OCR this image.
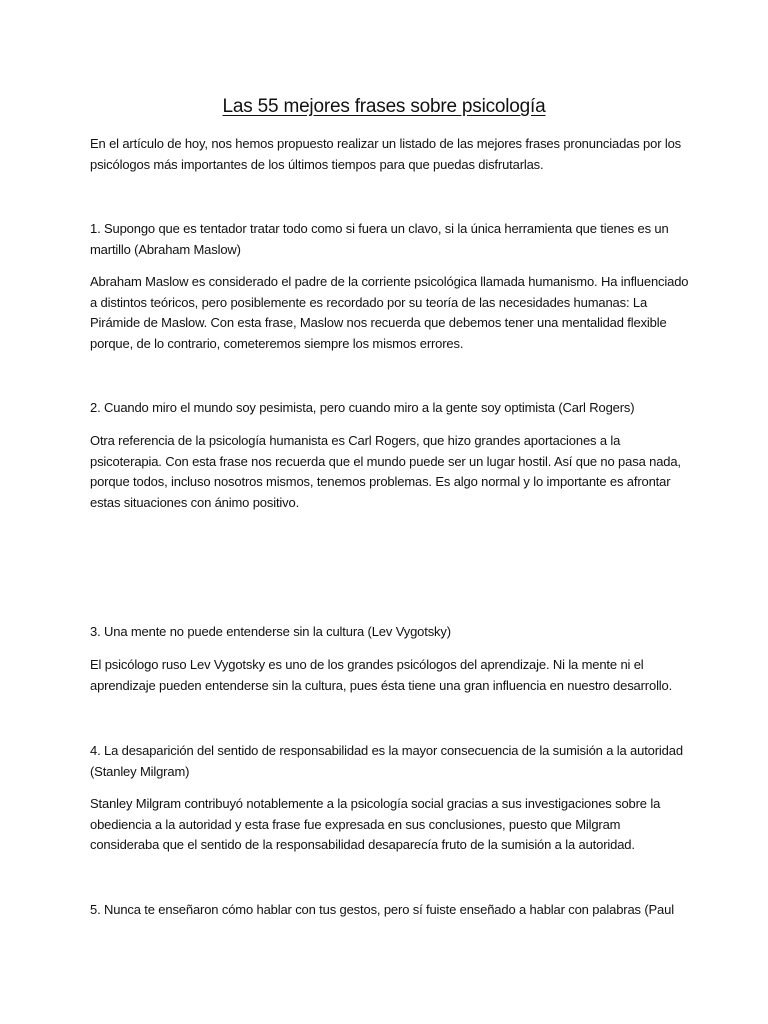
Las 55 mejores frases sobre psicología

En el artículo de hoy, nos hemos propuesto realizar un listado de las mejores frases pronunciadas por los psicólogos más importantes de los últimos tiempos para que puedas disfrutarlas.

1. Supongo que es tentador tratar todo como si fuera un clavo, si la única herramienta que tienes es un martillo (Abraham Maslow)

Abraham Maslow es considerado el padre de la corriente psicológica llamada humanismo. Ha influenciado a distintos teóricos, pero posiblemente es recordado por su teoría de las necesidades humanas: La Pirámide de Maslow. Con esta frase, Maslow nos recuerda que debemos tener una mentalidad flexible porque, de lo contrario, cometeremos siempre los mismos errores.

2. Cuando miro el mundo soy pesimista, pero cuando miro a la gente soy optimista (Carl Rogers)

Otra referencia de la psicología humanista es Carl Rogers, que hizo grandes aportaciones a la psicoterapia. Con esta frase nos recuerda que el mundo puede ser un lugar hostil. Así que no pasa nada, porque todos, incluso nosotros mismos, tenemos problemas. Es algo normal y lo importante es afrontar estas situaciones con ánimo positivo.

3. Una mente no puede entenderse sin la cultura (Lev Vygotsky)

El psicólogo ruso Lev Vygotsky es uno de los grandes psicólogos del aprendizaje. Ni la mente ni el aprendizaje pueden entenderse sin la cultura, pues ésta tiene una gran influencia en nuestro desarrollo.

4. La desaparición del sentido de responsabilidad es la mayor consecuencia de la sumisión a la autoridad (Stanley Milgram)

Stanley Milgram contribuyó notablemente a la psicología social gracias a sus investigaciones sobre la obediencia a la autoridad y esta frase fue expresada en sus conclusiones, puesto que Milgram consideraba que el sentido de la responsabilidad desaparecía fruto de la sumisión a la autoridad.

5. Nunca te enseñaron cómo hablar con tus gestos, pero sí fuiste enseñado a hablar con palabras (Paul
